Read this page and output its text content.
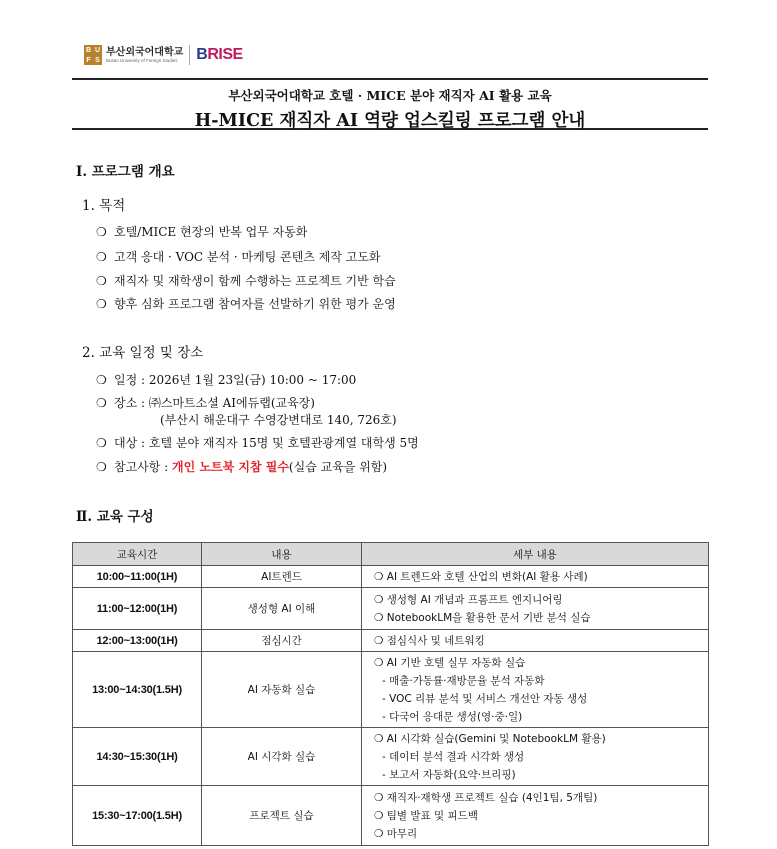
B U
F S
부산외국어대학교
Busan University of Foreign Studies	BRISE
부산외국어대학교 호텔 · MICE 분야 재직자 AI 활용 교육
H-MICE 재직자 AI 역량 업스킬링 프로그램 안내
Ⅰ. 프로그램 개요
1. 목적
❍ 호텔/MICE 현장의 반복 업무 자동화
❍ 고객 응대 · VOC 분석 · 마케팅 콘텐츠 제작 고도화
❍ 재직자 및 재학생이 함께 수행하는 프로젝트 기반 학습
❍ 향후 심화 프로그램 참여자를 선발하기 위한 평가 운영
2. 교육 일정 및 장소
❍ 일정 : 2026년 1월 23일(금) 10:00 ~ 17:00
❍ 장소 : ㈜스마트소셜 AI에듀랩(교육장)
(부산시 해운대구 수영강변대로 140, 726호)
❍ 대상 : 호텔 분야 재직자 15명 및 호텔관광계열 대학생 5명
❍ 참고사항 : 개인 노트북 지참 필수(실습 교육을 위함)
Ⅱ. 교육 구성
교육시간	내용	세부 내용
10:00~11:00(1H)	AI트렌드	❍ AI 트렌드와 호텔 산업의 변화(AI 활용 사례)

11:00~12:00(1H)	생성형 AI 이해	❍ 생성형 AI 개념과 프롬프트 엔지니어링
❍ NotebookLM을 활용한 문서 기반 분석 실습

12:00~13:00(1H)	점심시간	❍ 점심식사 및 네트워킹

13:00~14:30(1.5H)	AI 자동화 실습	❍ AI 기반 호텔 실무 자동화 실습
- 매출·가동률·재방문율 분석 자동화
- VOC 리뷰 분석 및 서비스 개선안 자동 생성
- 다국어 응대문 생성(영·중·일)

14:30~15:30(1H)	AI 시각화 실습	❍ AI 시각화 실습(Gemini 및 NotebookLM 활용)
- 데이터 분석 결과 시각화 생성
- 보고서 자동화(요약·브리핑)

15:30~17:00(1.5H)	프로젝트 실습	❍ 재직자·재학생 프로젝트 실습 (4인1팀, 5개팀)
❍ 팀별 발표 및 피드백
❍ 마무리
